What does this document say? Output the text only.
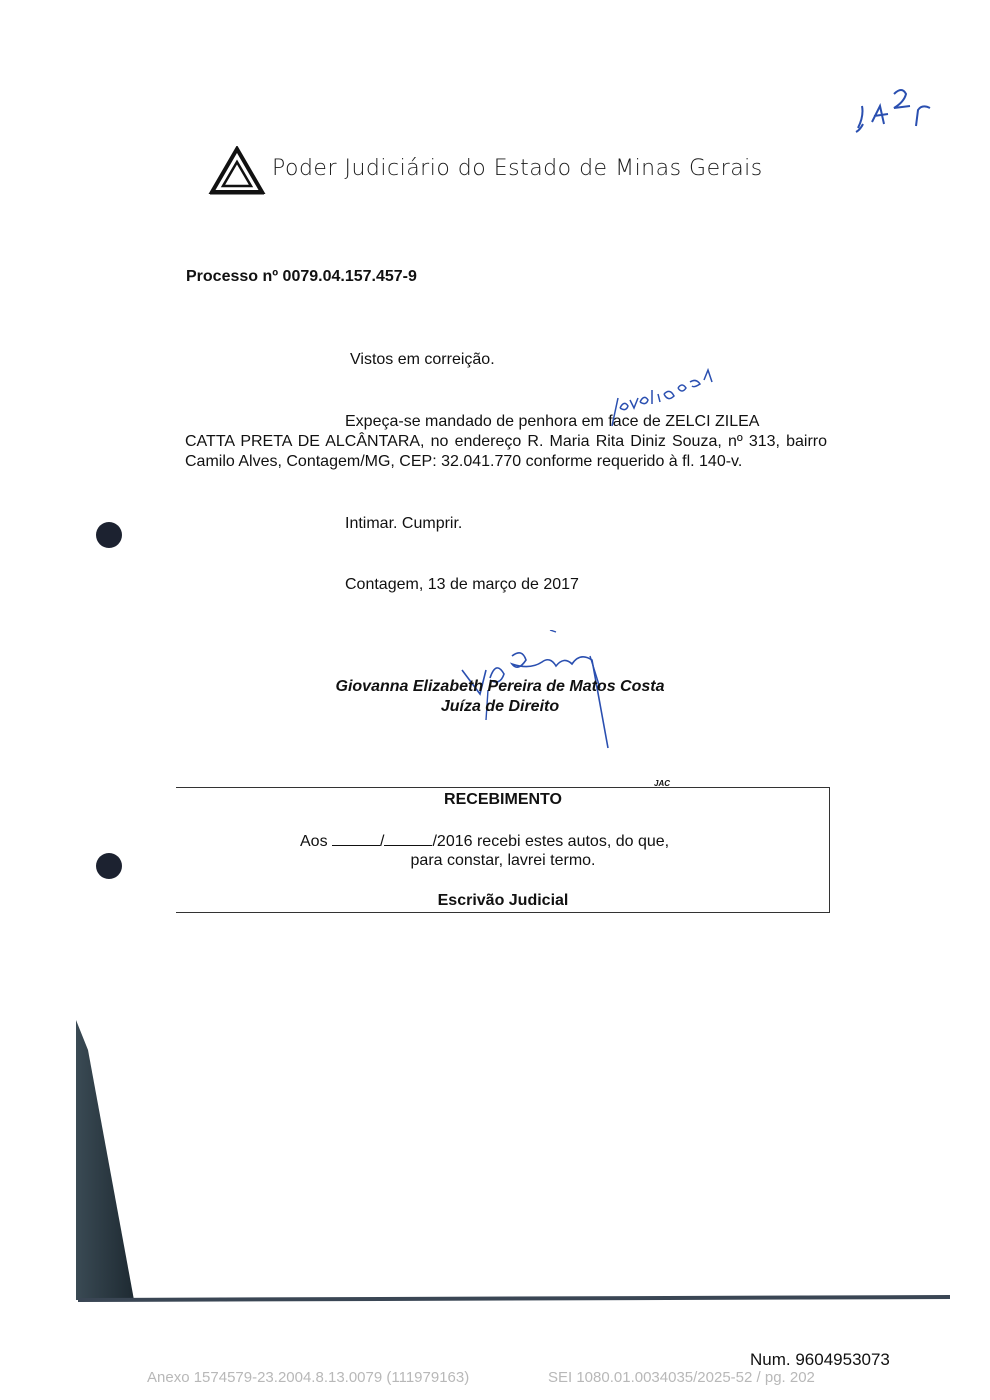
Poder Judiciário do Estado de Minas Gerais
Processo nº 0079.04.157.457-9
Vistos em correição.
Expeça-se mandado de penhora em face de ZELCI ZILEA
CATTA PRETA DE ALCÂNTARA, no endereço R. Maria Rita Diniz Souza, nº 313, bairro Camilo Alves, Contagem/MG, CEP: 32.041.770 conforme requerido à fl. 140-v.
Intimar. Cumprir.
Contagem, 13 de março de 2017
Giovanna Elizabeth Pereira de Matos Costa
Juíza de Direito
JAC
RECEBIMENTO
Aos	/	/2016 recebi estes autos, do que,
para constar, lavrei termo.
Escrivão Judicial
Num. 9604953073
Anexo 1574579-23.2004.8.13.0079 (111979163)	SEI 1080.01.0034035/2025-52 / pg. 202
